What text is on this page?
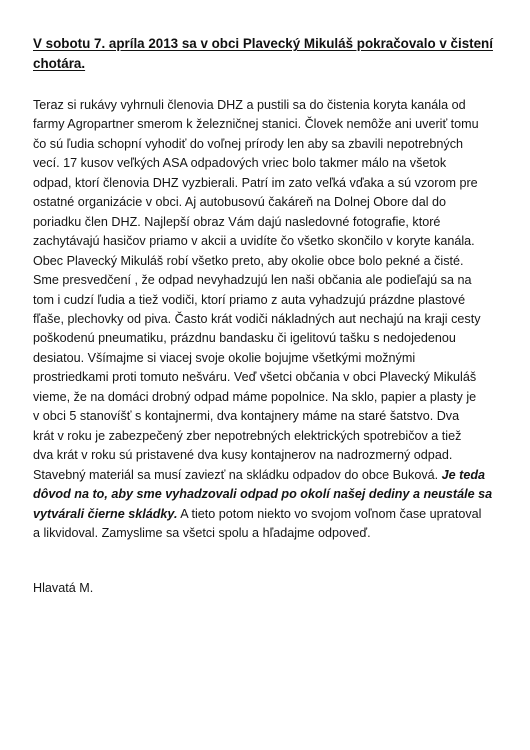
V sobotu 7. apríla 2013 sa v obci Plavecký Mikuláš pokračovalo v čistení
chotára.
Teraz si rukávy vyhrnuli členovia DHZ a pustili sa do čistenia koryta kanála od
farmy Agropartner smerom k železničnej stanici. Človek nemôže ani uveriť tomu
čo sú ľudia schopní vyhodiť do voľnej prírody len aby sa zbavili nepotrebných
vecí. 17 kusov veľkých ASA odpadových vriec bolo takmer málo na všetok
odpad, ktorí členovia DHZ vyzbierali. Patrí im zato veľká vďaka a sú vzorom pre
ostatné organizácie v obci. Aj autobusovú čakáreň na Dolnej Obore dal do
poriadku člen DHZ. Najlepší obraz Vám dajú nasledovné fotografie, ktoré
zachytávajú hasičov priamo v akcii a uvidíte čo všetko skončilo v koryte kanála.
Obec Plavecký Mikuláš robí všetko preto, aby okolie obce bolo pekné a čisté.
Sme presvedčení , že odpad nevyhadzujú len naši občania ale podieľajú sa na
tom i cudzí ľudia a tiež vodiči, ktorí priamo z auta vyhadzujú prázdne plastové
fľaše, plechovky od piva. Často krát vodiči nákladných aut nechajú na kraji cesty
poškodenú pneumatiku, prázdnu bandasku či igelitovú tašku s nedojedenou
desiatou. Všímajme si viacej svoje okolie bojujme všetkými možnými
prostriedkami proti tomuto nešváru. Veď všetci občania v obci Plavecký Mikuláš
vieme, že na domáci drobný odpad máme popolnice. Na sklo, papier a plasty je
v obci 5 stanovíšť s kontajnermi, dva kontajnery máme na staré šatstvo. Dva
krát v roku je zabezpečený zber nepotrebných elektrických spotrebičov a tiež
dva krát v roku sú pristavené dva kusy kontajnerov na nadrozmerný odpad.
Stavebný materiál sa musí zaviezť na skládku odpadov do obce Buková. Je teda
dôvod na to, aby sme vyhadzovali odpad po okolí našej dediny a neustále sa
vytvárali čierne skládky. A tieto potom niekto vo svojom voľnom čase upratoval
a likvidoval. Zamyslime sa všetci spolu a hľadajme odpoveď.
Hlavatá M.
